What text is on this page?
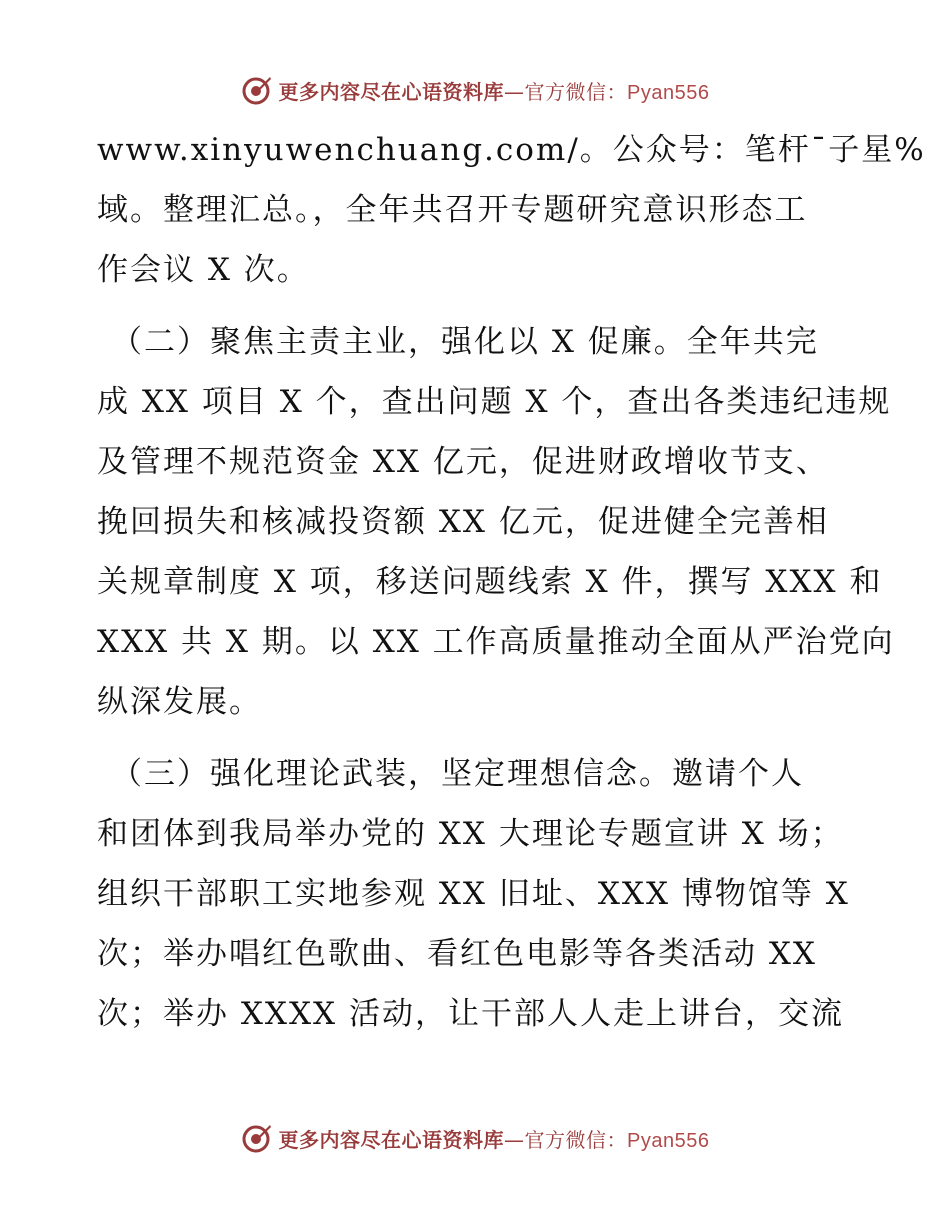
更多内容尽在心语资料库—官方微信：Pyan556
www.xinyuwenchuang.com/。公众号：笔杆¯子星%
域。整理汇总。，全年共召开专题研究意识形态工
作会议 X 次。
（二）聚焦主责主业，强化以 X 促廉。全年共完
成 XX 项目 X 个，查出问题 X 个，查出各类违纪违规
及管理不规范资金 XX 亿元，促进财政增收节支、
挽回损失和核减投资额 XX 亿元，促进健全完善相
关规章制度 X 项，移送问题线索 X 件，撰写 XXX 和
XXX 共 X 期。以 XX 工作高质量推动全面从严治党向
纵深发展。
（三）强化理论武装，坚定理想信念。邀请个人
和团体到我局举办党的 XX 大理论专题宣讲 X 场；
组织干部职工实地参观 XX 旧址、XXX 博物馆等 X
次；举办唱红色歌曲、看红色电影等各类活动 XX
次；举办 XXXX 活动，让干部人人走上讲台，交流
更多内容尽在心语资料库—官方微信：Pyan556
